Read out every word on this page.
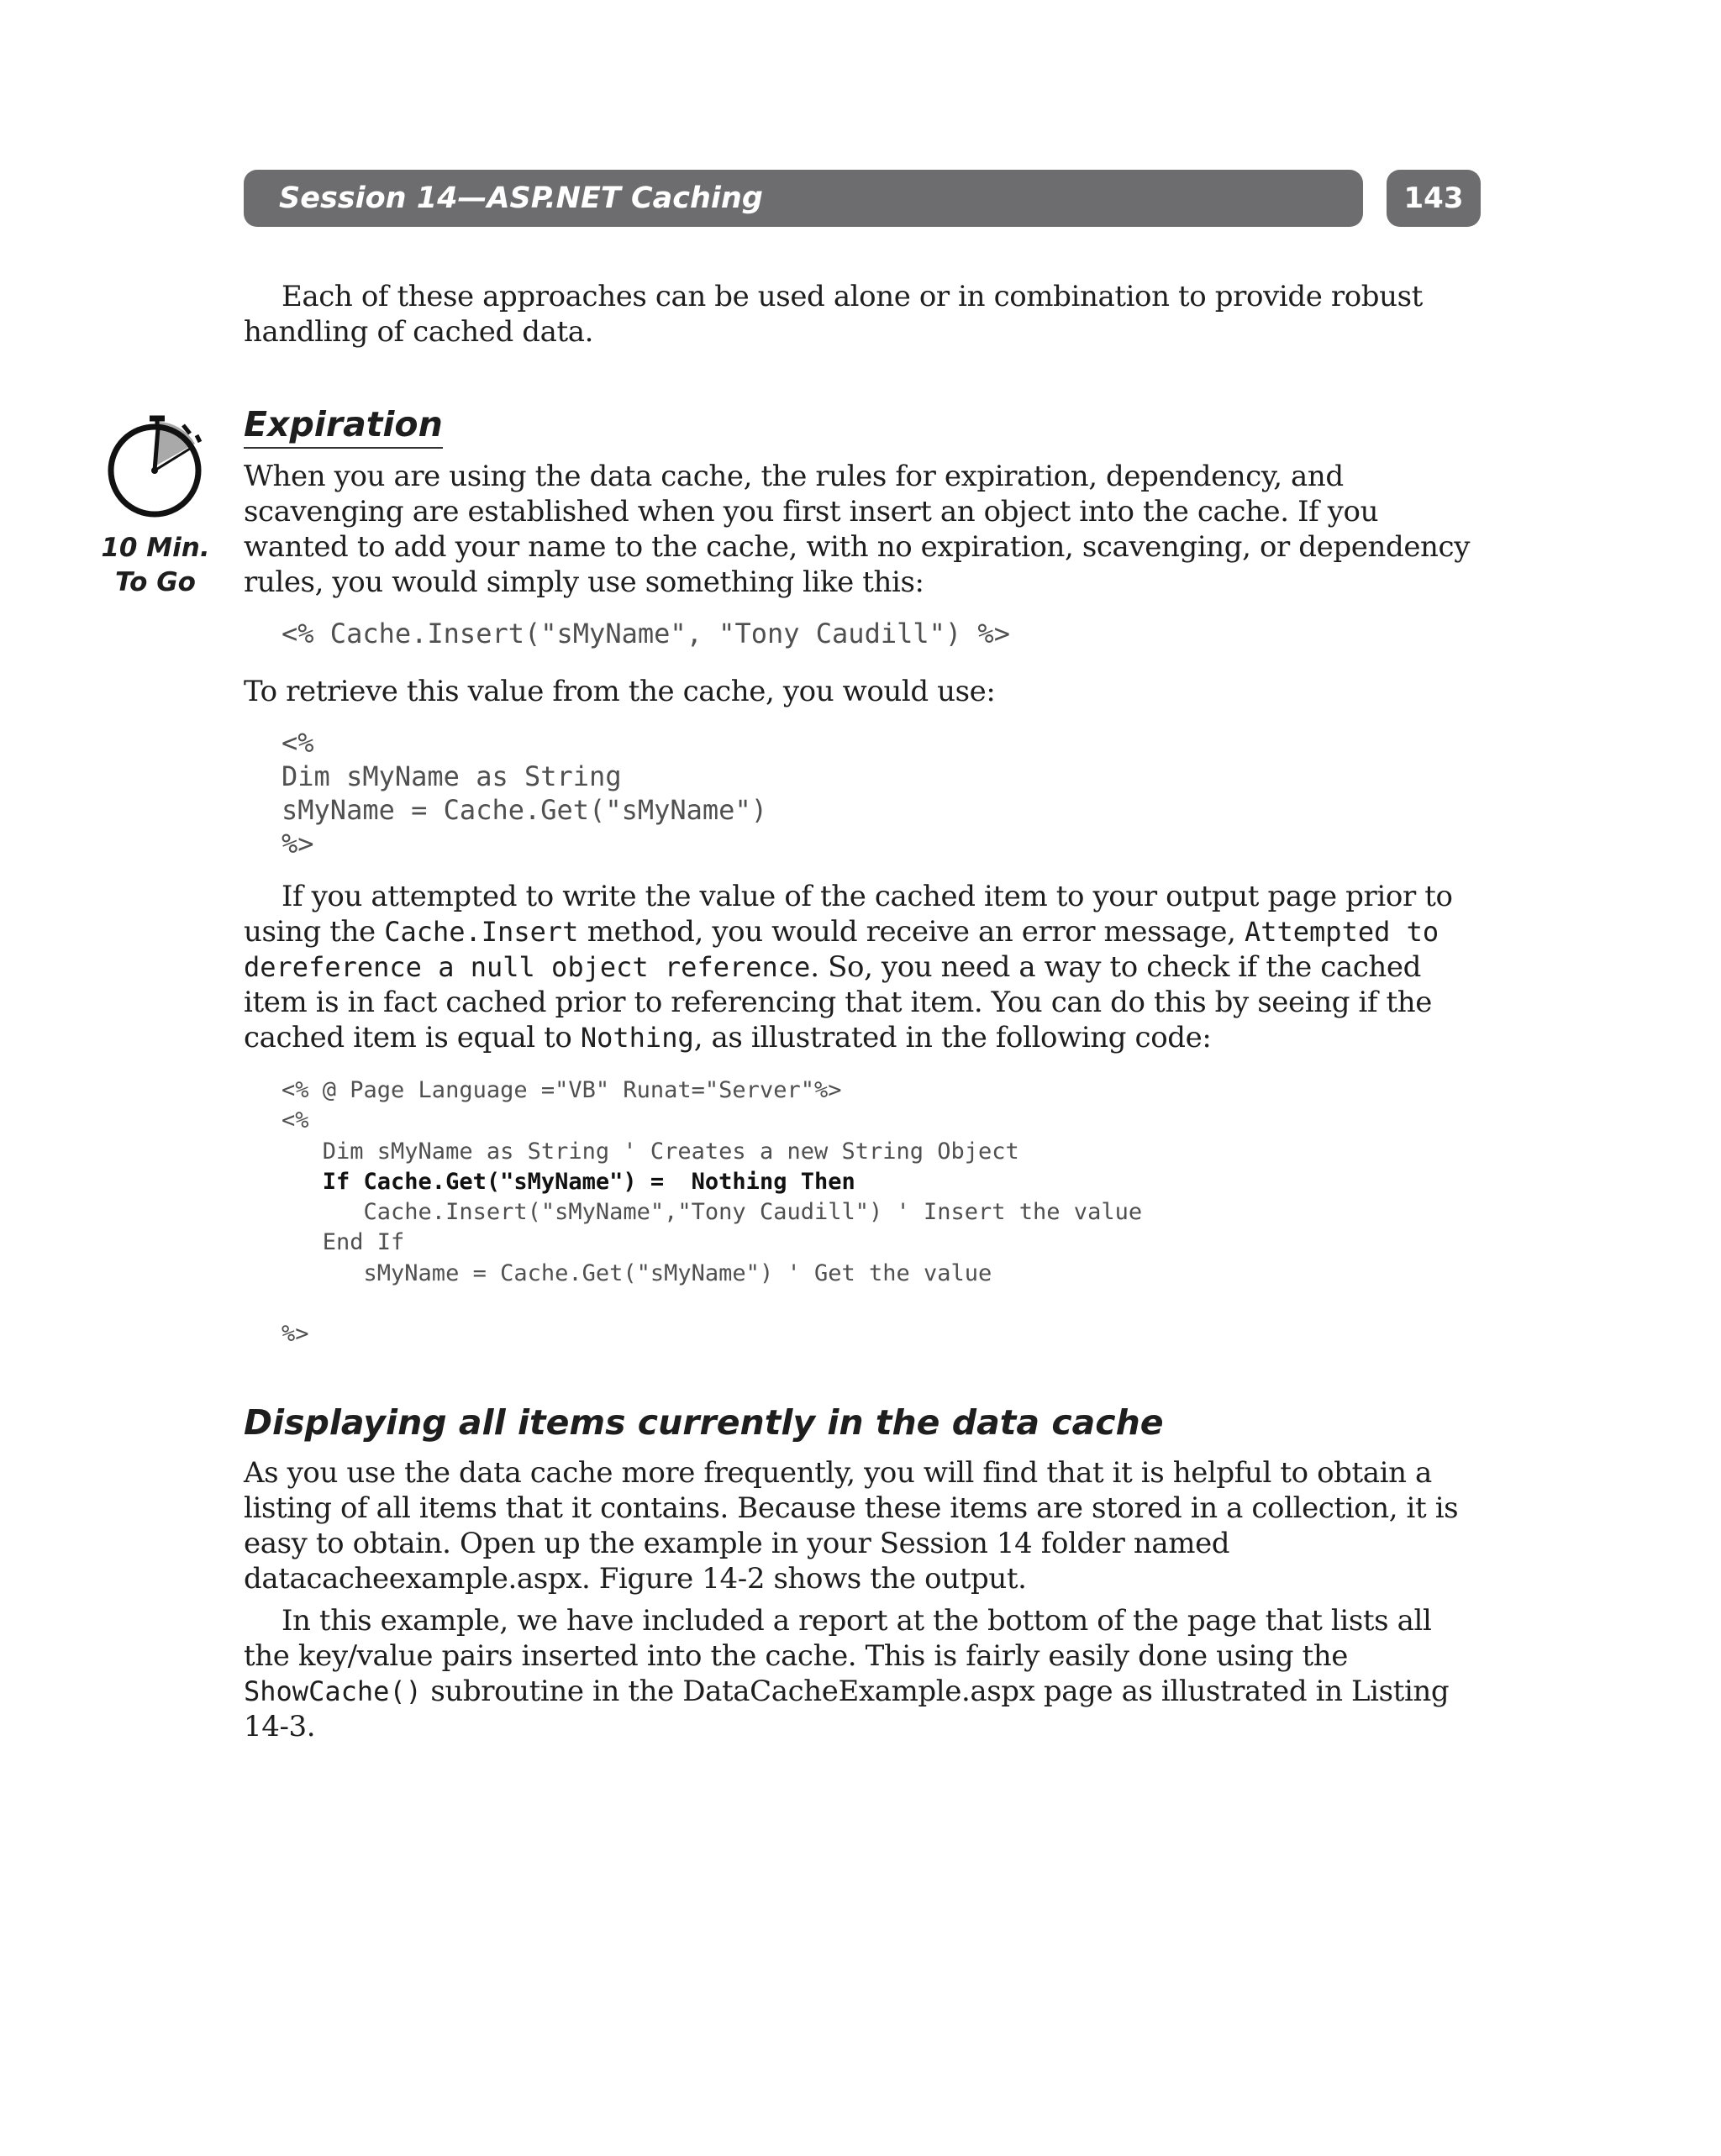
Session 14—ASP.NET Caching	143
10 Min.
To Go

Each of these approaches can be used alone or in combination to provide robust handling of cached data.

Expiration

When you are using the data cache, the rules for expiration, dependency, and scavenging are established when you first insert an object into the cache. If you wanted to add your name to the cache, with no expiration, scavenging, or dependency rules, you would simply use something like this:

<% Cache.Insert("sMyName", "Tony Caudill") %>

To retrieve this value from the cache, you would use:

<%
Dim sMyName as String
sMyName = Cache.Get("sMyName")
%>

If you attempted to write the value of the cached item to your output page prior to using the Cache.Insert method, you would receive an error message, Attempted to dereference a null object reference. So, you need a way to check if the cached item is in fact cached prior to referencing that item. You can do this by seeing if the cached item is equal to Nothing, as illustrated in the following code:

<% @ Page Language ="VB" Runat="Server"%>
<%
Dim sMyName as String ' Creates a new String Object
If Cache.Get("sMyName") =  Nothing Then
Cache.Insert("sMyName","Tony Caudill") ' Insert the value
End If
sMyName = Cache.Get("sMyName") ' Get the value
%>
Displaying all items currently in the data cache

As you use the data cache more frequently, you will find that it is helpful to obtain a listing of all items that it contains. Because these items are stored in a collection, it is easy to obtain. Open up the example in your Session 14 folder named datacacheexample.aspx. Figure 14-2 shows the output.

In this example, we have included a report at the bottom of the page that lists all the key/value pairs inserted into the cache. This is fairly easily done using the ShowCache() subroutine in the DataCacheExample.aspx page as illustrated in Listing 14-3.
